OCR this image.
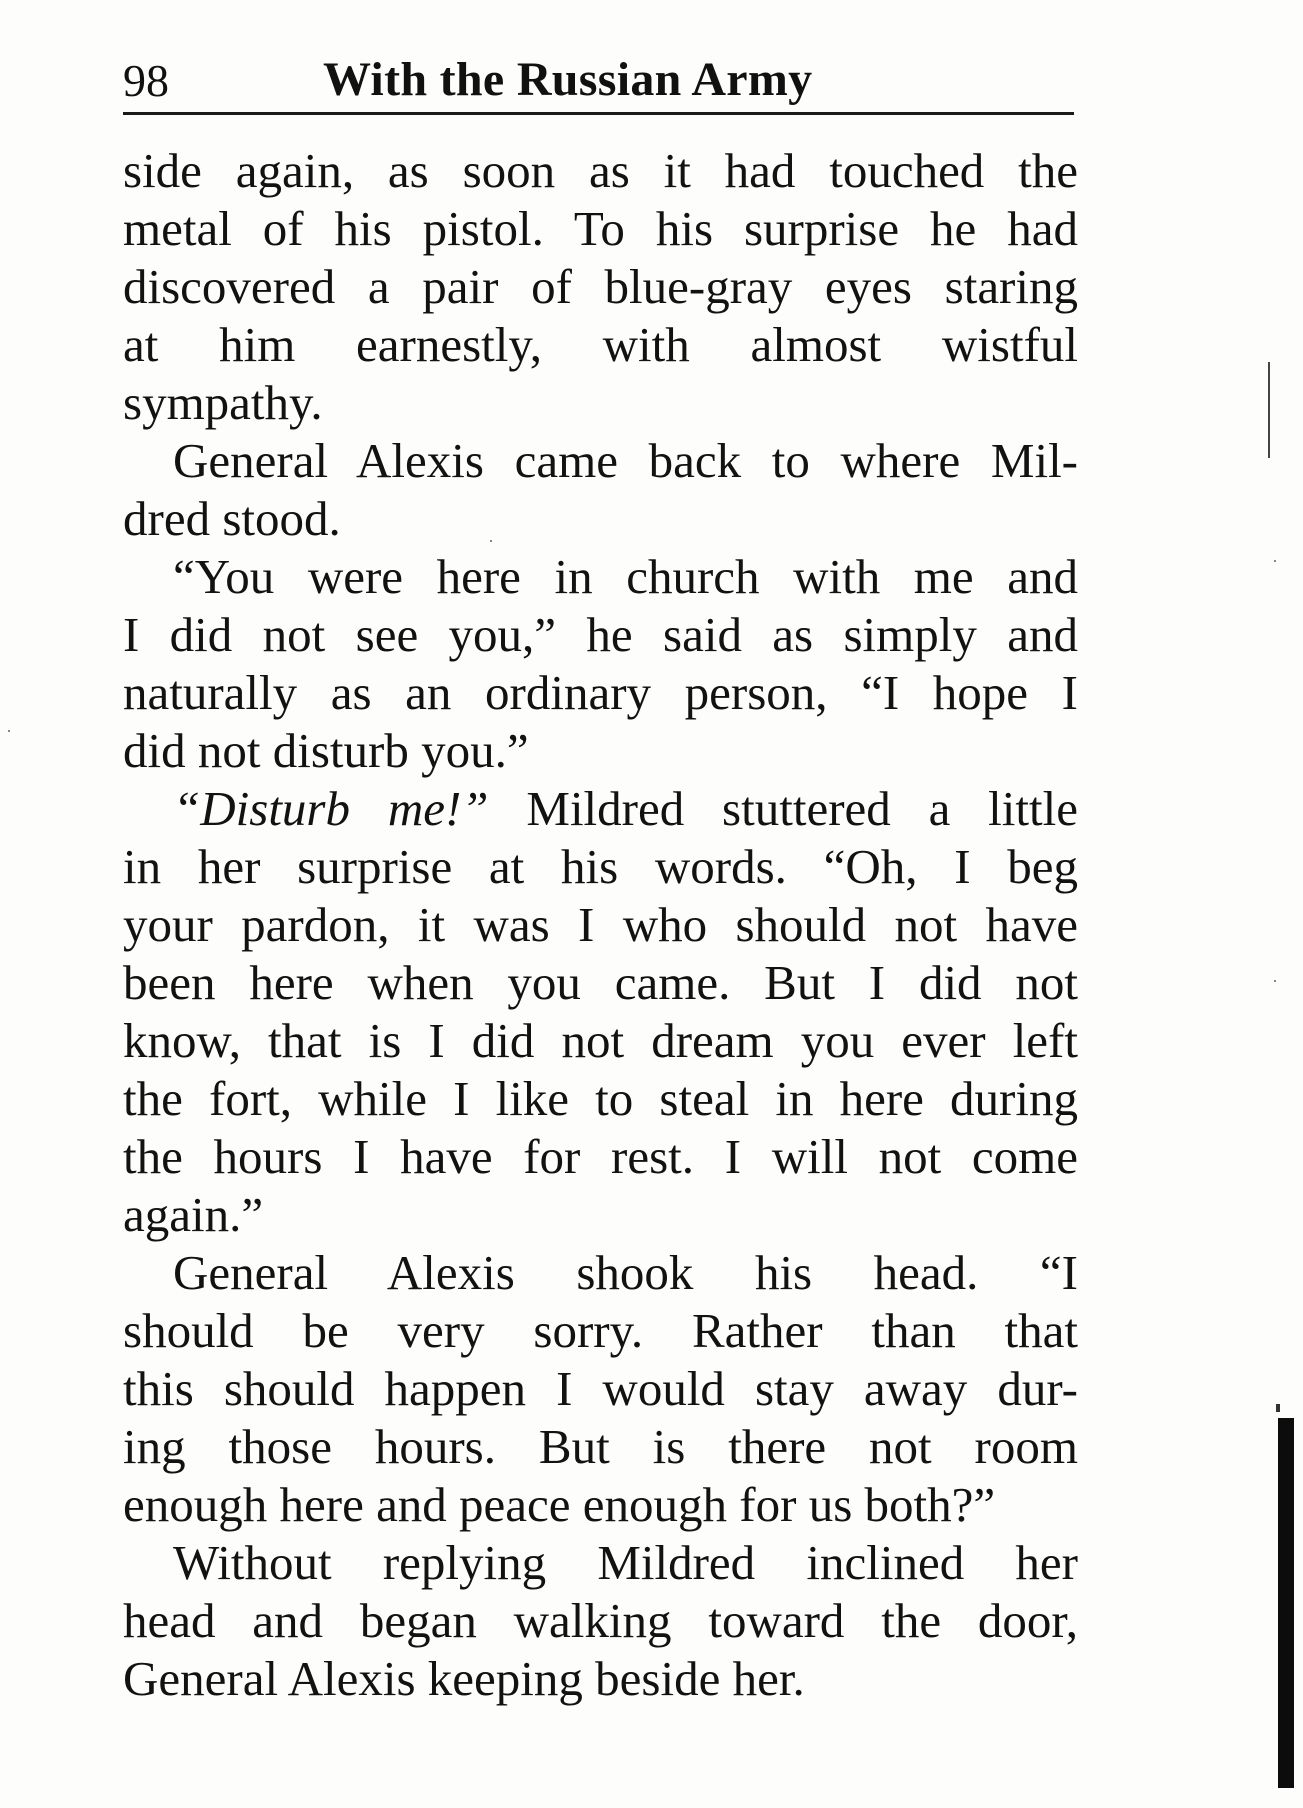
98	With the Russian Army

side again, as soon as it had touched the
metal of his pistol. To his surprise he had
discovered a pair of blue-gray eyes staring
at him earnestly, with almost wistful
sympathy.

General Alexis came back to where Mil-
dred stood.

“You were here in church with me and
I did not see you,” he said as simply and
naturally as an ordinary person, “I hope I
did not disturb you.”

“Disturb me!” Mildred stuttered a little
in her surprise at his words. “Oh, I beg
your pardon, it was I who should not have
been here when you came. But I did not
know, that is I did not dream you ever left
the fort, while I like to steal in here during
the hours I have for rest. I will not come
again.”

General Alexis shook his head. “I
should be very sorry. Rather than that
this should happen I would stay away dur-
ing those hours. But is there not room
enough here and peace enough for us both?”

Without replying Mildred inclined her
head and began walking toward the door,
General Alexis keeping beside her.
